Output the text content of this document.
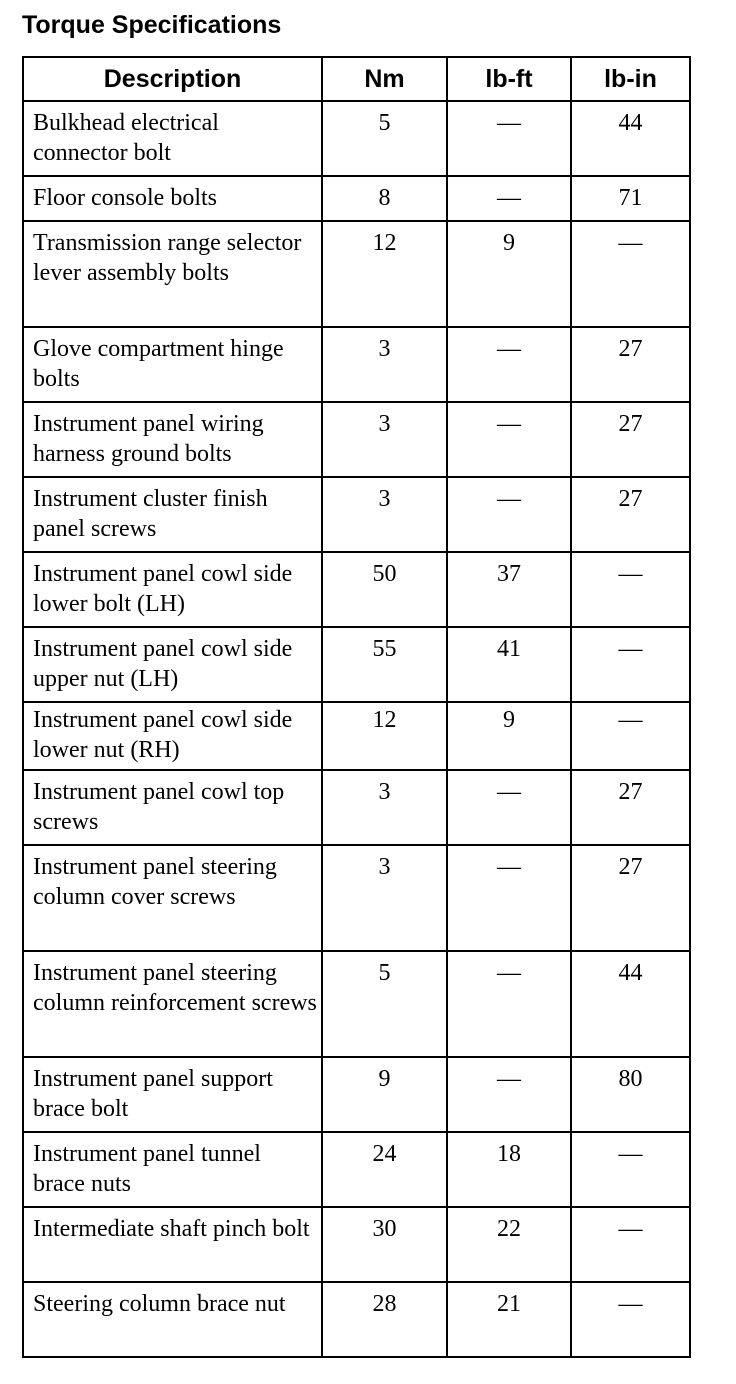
Torque Specifications
Description	Nm	lb-ft	lb-in
Bulkhead electrical connector bolt	5	—	44
Floor console bolts	8	—	71
Transmission range selector lever assembly bolts	12	9	—
Glove compartment hinge bolts	3	—	27
Instrument panel wiring harness ground bolts	3	—	27
Instrument cluster finish panel screws	3	—	27
Instrument panel cowl side lower bolt (LH)	50	37	—
Instrument panel cowl side upper nut (LH)	55	41	—
Instrument panel cowl side lower nut (RH)	12	9	—
Instrument panel cowl top screws	3	—	27
Instrument panel steering column cover screws	3	—	27
Instrument panel steering column reinforcement screws	5	—	44
Instrument panel support brace bolt	9	—	80
Instrument panel tunnel brace nuts	24	18	—
Intermediate shaft pinch bolt	30	22	—
Steering column brace nut	28	21	—
